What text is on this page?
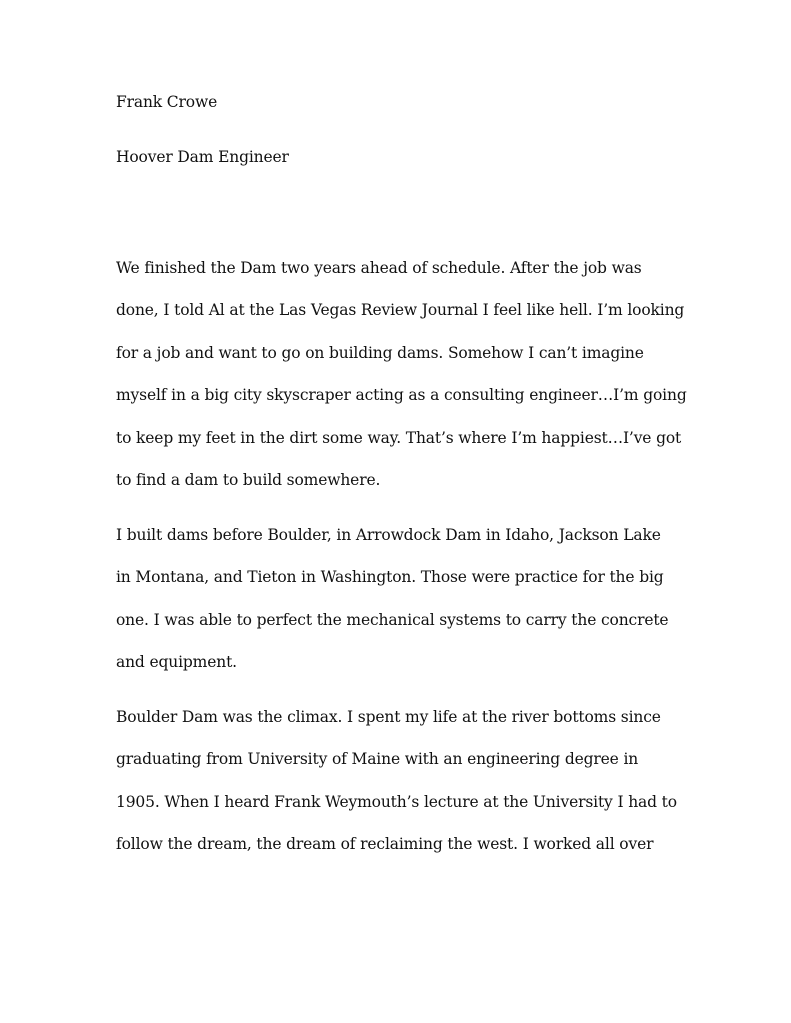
Frank Crowe
Hoover Dam Engineer
We finished the Dam two years ahead of schedule. After the job was
done, I told Al at the Las Vegas Review Journal I feel like hell. I’m looking
for a job and want to go on building dams. Somehow I can’t imagine
myself in a big city skyscraper acting as a consulting engineer…I’m going
to keep my feet in the dirt some way. That’s where I’m happiest…I’ve got
to find a dam to build somewhere.
I built dams before Boulder, in Arrowdock Dam in Idaho, Jackson Lake
in Montana, and Tieton in Washington. Those were practice for the big
one. I was able to perfect the mechanical systems to carry the concrete
and equipment.
Boulder Dam was the climax. I spent my life at the river bottoms since
graduating from University of Maine with an engineering degree in
1905. When I heard Frank Weymouth’s lecture at the University I had to
follow the dream, the dream of reclaiming the west. I worked all over
